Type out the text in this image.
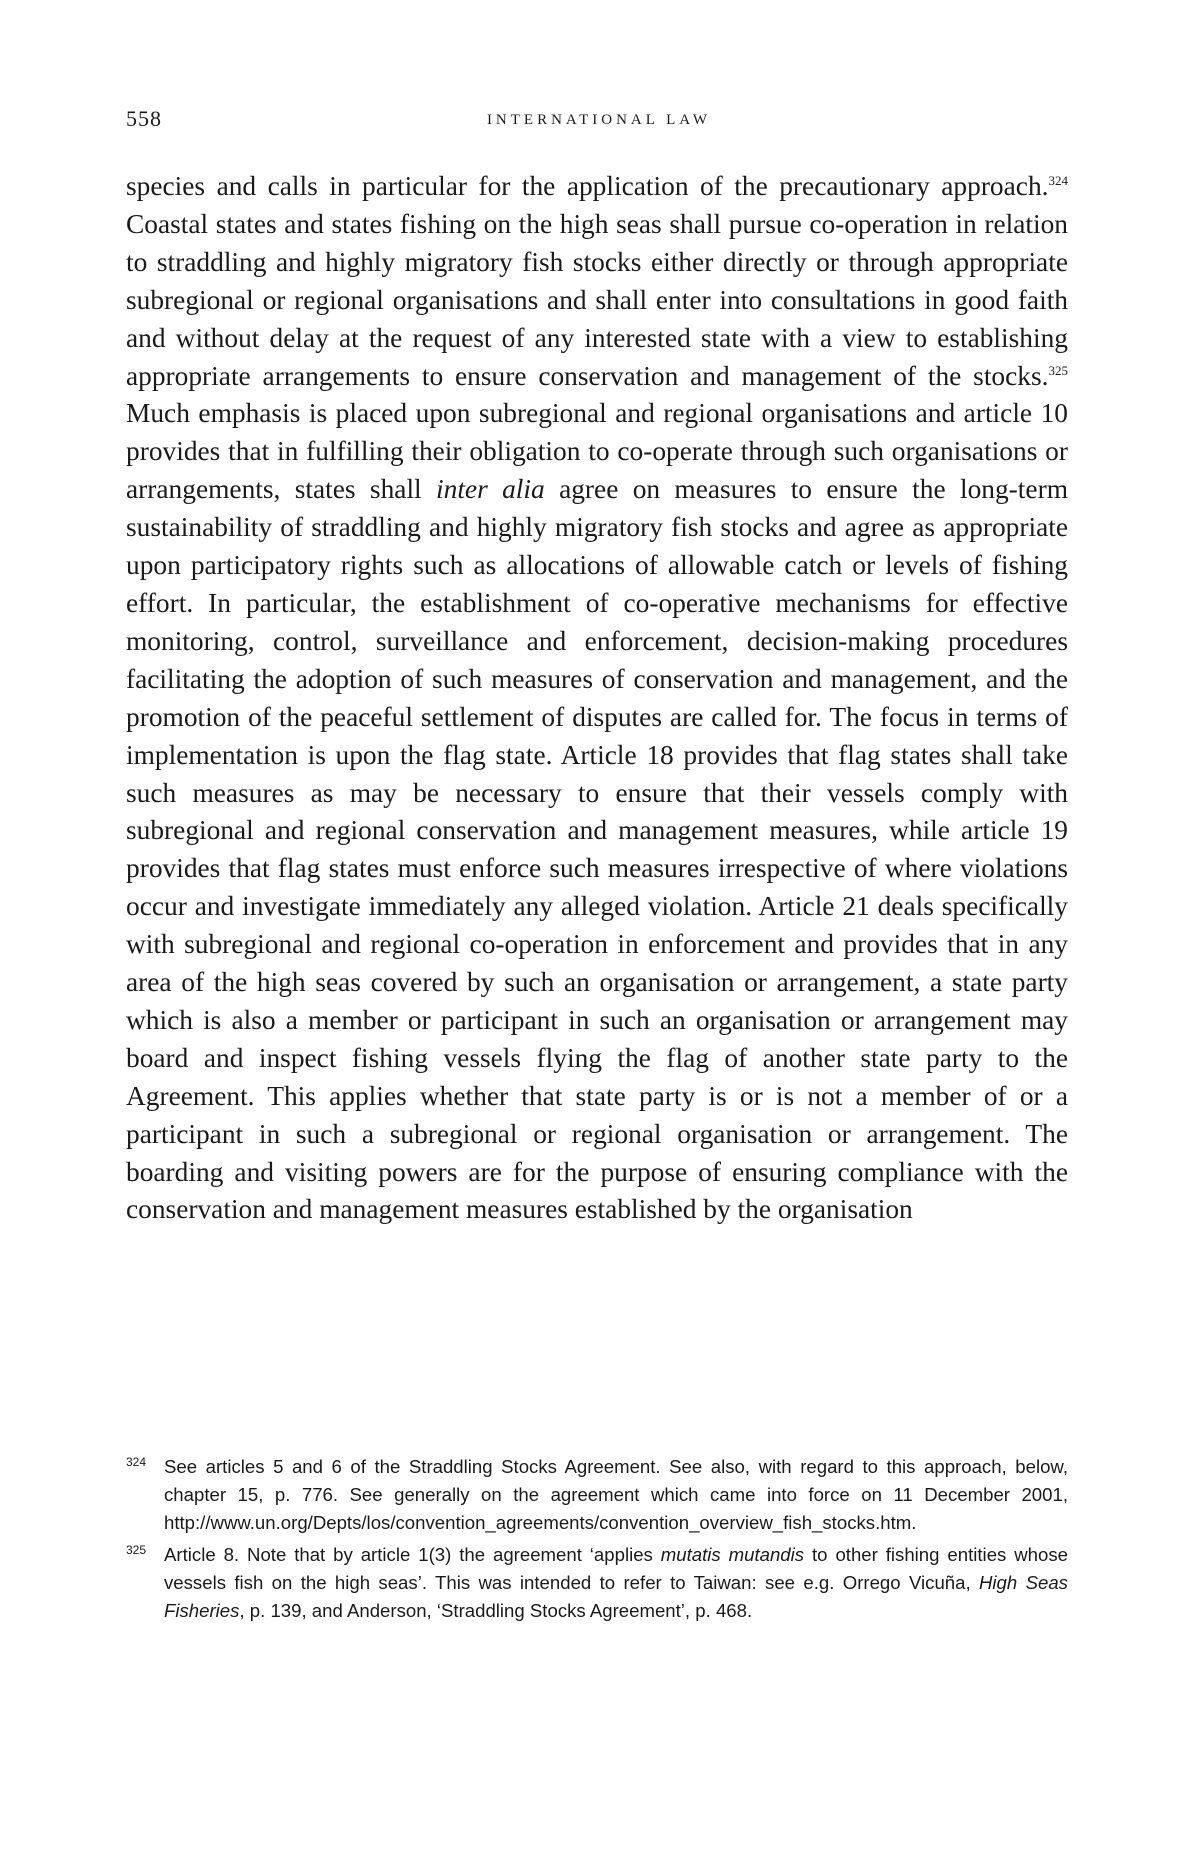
558	INTERNATIONAL LAW

species and calls in particular for the application of the precautionary approach.$^{324}$ Coastal states and states fishing on the high seas shall pursue co-operation in relation to straddling and highly migratory fish stocks either directly or through appropriate subregional or regional organisations and shall enter into consultations in good faith and without delay at the request of any interested state with a view to establishing appropriate arrangements to ensure conservation and management of the stocks.$^{325}$ Much emphasis is placed upon subregional and regional organisations and article 10 provides that in fulfilling their obligation to co-operate through such organisations or arrangements, states shall inter alia agree on measures to ensure the long-term sustainability of straddling and highly migratory fish stocks and agree as appropriate upon participatory rights such as allocations of allowable catch or levels of fishing effort. In particular, the establishment of co-operative mechanisms for effective monitoring, control, surveillance and enforcement, decision-making procedures facilitating the adoption of such measures of conservation and management, and the promotion of the peaceful settlement of disputes are called for. The focus in terms of implementation is upon the flag state. Article 18 provides that flag states shall take such measures as may be necessary to ensure that their vessels comply with subregional and regional conservation and management measures, while article 19 provides that flag states must enforce such measures irrespective of where violations occur and investigate immediately any alleged violation. Article 21 deals specifically with subregional and regional co-operation in enforcement and provides that in any area of the high seas covered by such an organisation or arrangement, a state party which is also a member or participant in such an organisation or arrangement may board and inspect fishing vessels flying the flag of another state party to the Agreement. This applies whether that state party is or is not a member of or a participant in such a subregional or regional organisation or arrangement. The boarding and visiting powers are for the purpose of ensuring compliance with the conservation and management measures established by the organisation

324 See articles 5 and 6 of the Straddling Stocks Agreement. See also, with regard to this approach, below, chapter 15, p. 776. See generally on the agreement which came into force on 11 December 2001, http://www.un.org/Depts/los/convention_agreements/convention_overview_fish_stocks.htm.

325 Article 8. Note that by article 1(3) the agreement ‘applies mutatis mutandis to other fishing entities whose vessels fish on the high seas’. This was intended to refer to Taiwan: see e.g. Orrego Vicuña, High Seas Fisheries, p. 139, and Anderson, ‘Straddling Stocks Agreement’, p. 468.
